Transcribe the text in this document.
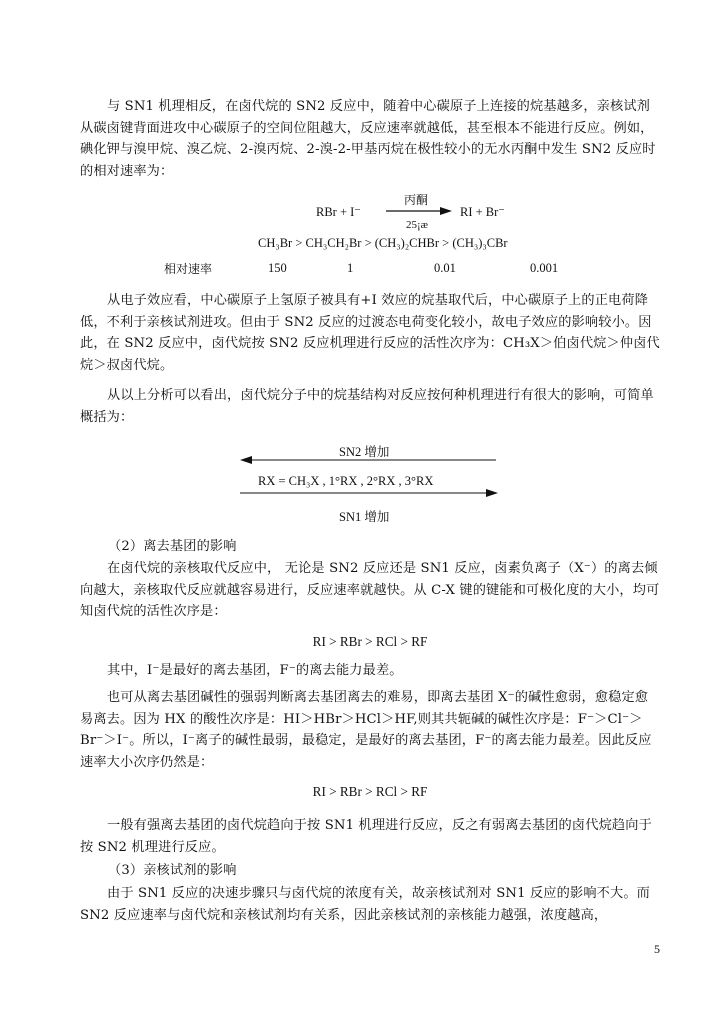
与 SN1 机理相反，在卤代烷的 SN2 反应中，随着中心碳原子上连接的烷基越多，亲核试剂从碳卤键背面进攻中心碳原子的空间位阻越大，反应速率就越低，甚至根本不能进行反应。例如，碘化钾与溴甲烷、溴乙烷、2-溴丙烷、2-溴-2-甲基丙烷在极性较小的无水丙酮中发生 SN2 反应时的相对速率为：
RBr + I⁻
丙酮
25¡æ
RI + Br⁻
CH₃Br > CH₃CH₂Br > (CH₃)₂CHBr > (CH₃)₃CBr
相对速率	150	1	0.01	0.001
从电子效应看，中心碳原子上氢原子被具有+I 效应的烷基取代后，中心碳原子上的正电荷降低，不利于亲核试剂进攻。但由于 SN2 反应的过渡态电荷变化较小，故电子效应的影响较小。因此，在 SN2 反应中，卤代烷按 SN2 反应机理进行反应的活性次序为：CH₃X＞伯卤代烷＞仲卤代烷＞叔卤代烷。
从以上分析可以看出，卤代烷分子中的烷基结构对反应按何种机理进行有很大的影响，可简单概括为：
SN2 增加
RX = CH₃X , 1°RX , 2°RX , 3°RX
SN1 增加
（2）离去基团的影响
在卤代烷的亲核取代反应中， 无论是 SN2 反应还是 SN1 反应，卤素负离子（X⁻）的离去倾向越大，亲核取代反应就越容易进行，反应速率就越快。从 C-X 键的键能和可极化度的大小，均可知卤代烷的活性次序是：
RI > RBr > RCl > RF
其中，I⁻是最好的离去基团，F⁻的离去能力最差。
也可从离去基团碱性的强弱判断离去基团离去的难易，即离去基团 X⁻的碱性愈弱，愈稳定愈易离去。因为 HX 的酸性次序是：HI＞HBr＞HCl＞HF,则其共轭碱的碱性次序是：F⁻＞Cl⁻＞Br⁻＞I⁻。所以，I⁻离子的碱性最弱，最稳定，是最好的离去基团，F⁻的离去能力最差。因此反应速率大小次序仍然是：
RI > RBr > RCl > RF
一般有强离去基团的卤代烷趋向于按 SN1 机理进行反应，反之有弱离去基团的卤代烷趋向于按 SN2 机理进行反应。
（3）亲核试剂的影响
由于 SN1 反应的决速步骤只与卤代烷的浓度有关，故亲核试剂对 SN1 反应的影响不大。而 SN2 反应速率与卤代烷和亲核试剂均有关系，因此亲核试剂的亲核能力越强，浓度越高，
5
